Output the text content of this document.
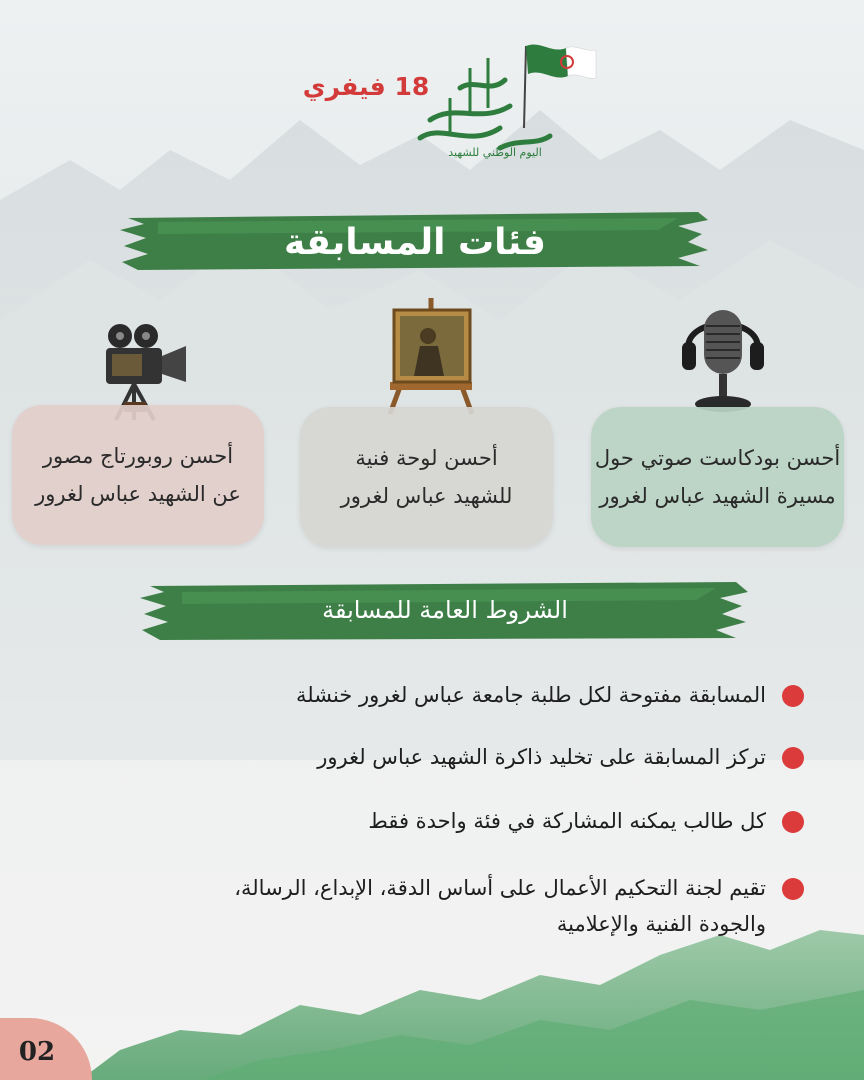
اليوم الوطني للشهيد
18 فيفري
فئات المسابقة
أحسن بودكاست صوتي حول
مسيرة الشهيد عباس لغرور
أحسن لوحة فنية
للشهيد عباس لغرور
أحسن روبورتاج مصور
عن الشهيد عباس لغرور
الشروط العامة للمسابقة
المسابقة مفتوحة لكل طلبة جامعة عباس لغرور خنشلة
تركز المسابقة على تخليد ذاكرة الشهيد عباس لغرور
كل طالب يمكنه المشاركة في فئة واحدة فقط
تقيم لجنة التحكيم الأعمال على أساس الدقة، الإبداع، الرسالة،
والجودة الفنية والإعلامية
02
